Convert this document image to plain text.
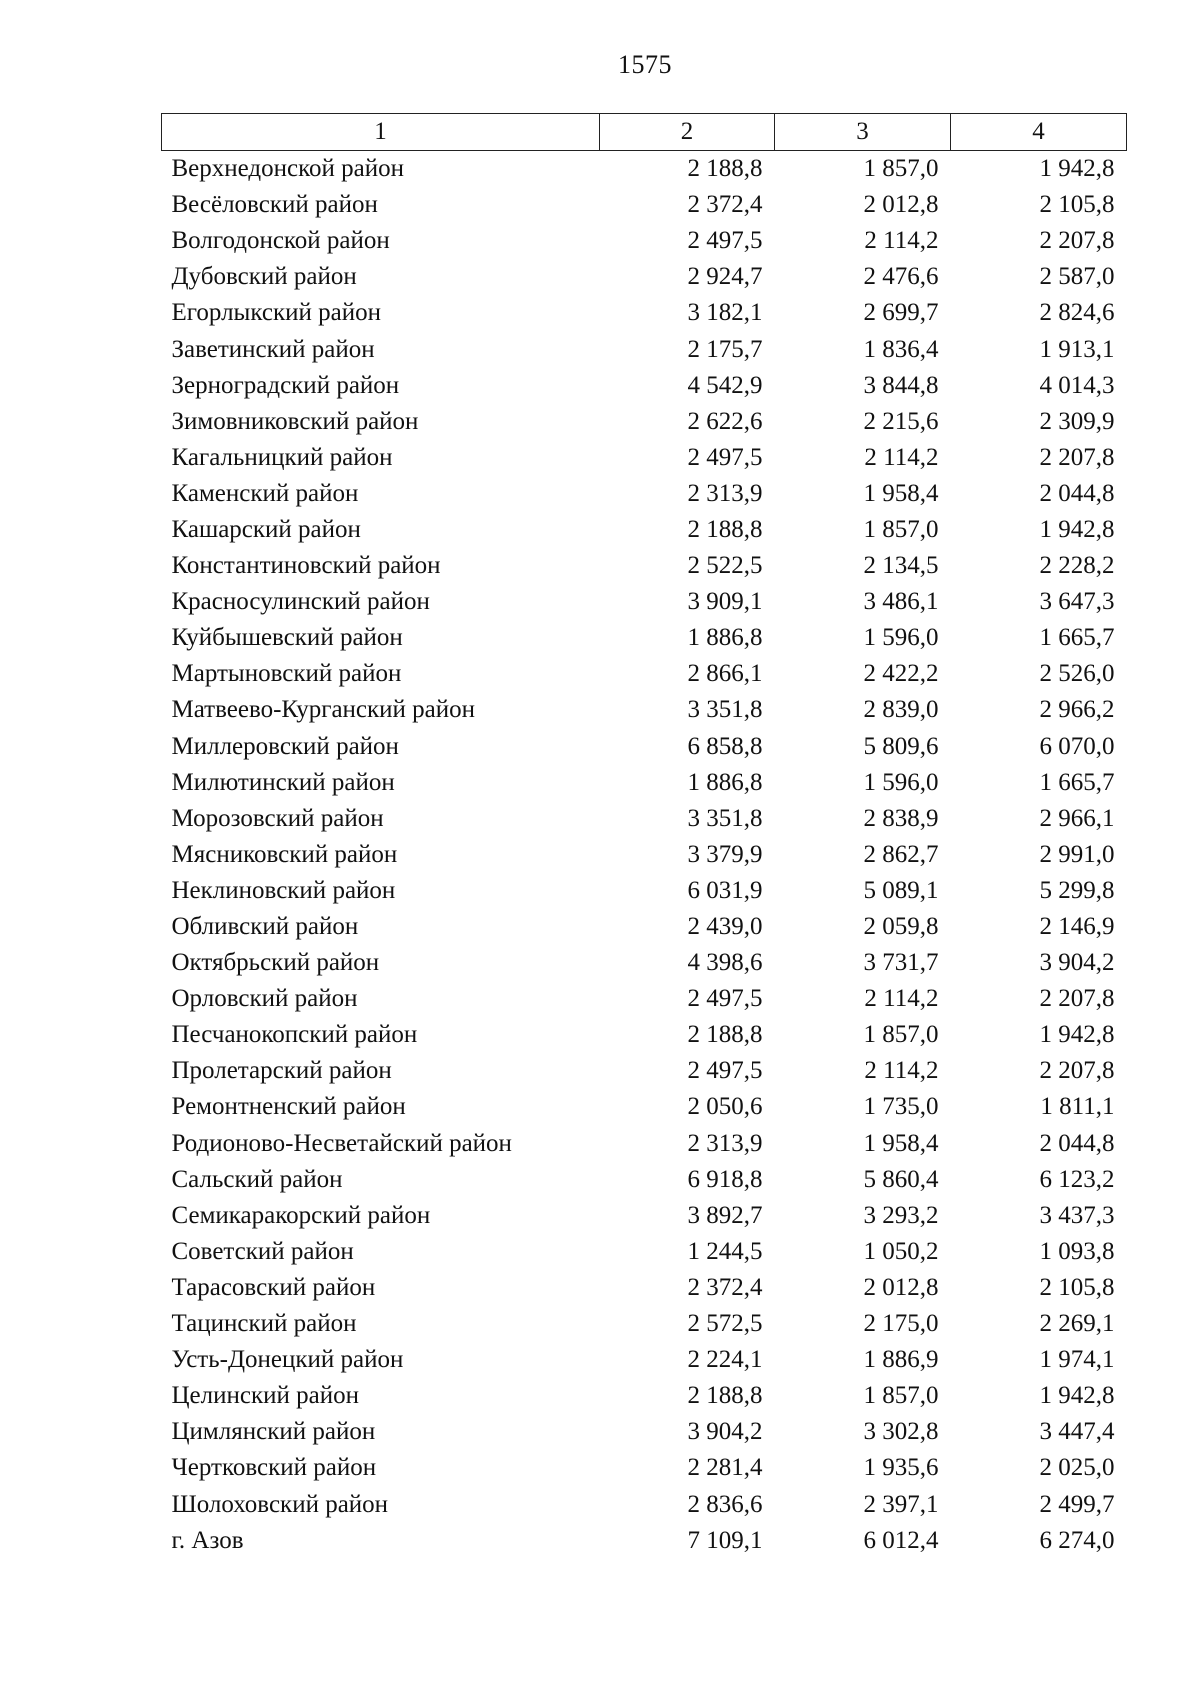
1575
1	2	3	4
Верхнедонской район	2 188,8	1 857,0	1 942,8
Весёловский район	2 372,4	2 012,8	2 105,8
Волгодонской район	2 497,5	2 114,2	2 207,8
Дубовский район	2 924,7	2 476,6	2 587,0
Егорлыкский район	3 182,1	2 699,7	2 824,6
Заветинский район	2 175,7	1 836,4	1 913,1
Зерноградский район	4 542,9	3 844,8	4 014,3
Зимовниковский район	2 622,6	2 215,6	2 309,9
Кагальницкий район	2 497,5	2 114,2	2 207,8
Каменский район	2 313,9	1 958,4	2 044,8
Кашарский район	2 188,8	1 857,0	1 942,8
Константиновский район	2 522,5	2 134,5	2 228,2
Красносулинский район	3 909,1	3 486,1	3 647,3
Куйбышевский район	1 886,8	1 596,0	1 665,7
Мартыновский район	2 866,1	2 422,2	2 526,0
Матвеево-Курганский район	3 351,8	2 839,0	2 966,2
Миллеровский район	6 858,8	5 809,6	6 070,0
Милютинский район	1 886,8	1 596,0	1 665,7
Морозовский район	3 351,8	2 838,9	2 966,1
Мясниковский район	3 379,9	2 862,7	2 991,0
Неклиновский район	6 031,9	5 089,1	5 299,8
Обливский район	2 439,0	2 059,8	2 146,9
Октябрьский район	4 398,6	3 731,7	3 904,2
Орловский район	2 497,5	2 114,2	2 207,8
Песчанокопский район	2 188,8	1 857,0	1 942,8
Пролетарский район	2 497,5	2 114,2	2 207,8
Ремонтненский район	2 050,6	1 735,0	1 811,1
Родионово-Несветайский район	2 313,9	1 958,4	2 044,8
Сальский район	6 918,8	5 860,4	6 123,2
Семикаракорский район	3 892,7	3 293,2	3 437,3
Советский район	1 244,5	1 050,2	1 093,8
Тарасовский район	2 372,4	2 012,8	2 105,8
Тацинский район	2 572,5	2 175,0	2 269,1
Усть-Донецкий район	2 224,1	1 886,9	1 974,1
Целинский район	2 188,8	1 857,0	1 942,8
Цимлянский район	3 904,2	3 302,8	3 447,4
Чертковский район	2 281,4	1 935,6	2 025,0
Шолоховский район	2 836,6	2 397,1	2 499,7
г. Азов	7 109,1	6 012,4	6 274,0
